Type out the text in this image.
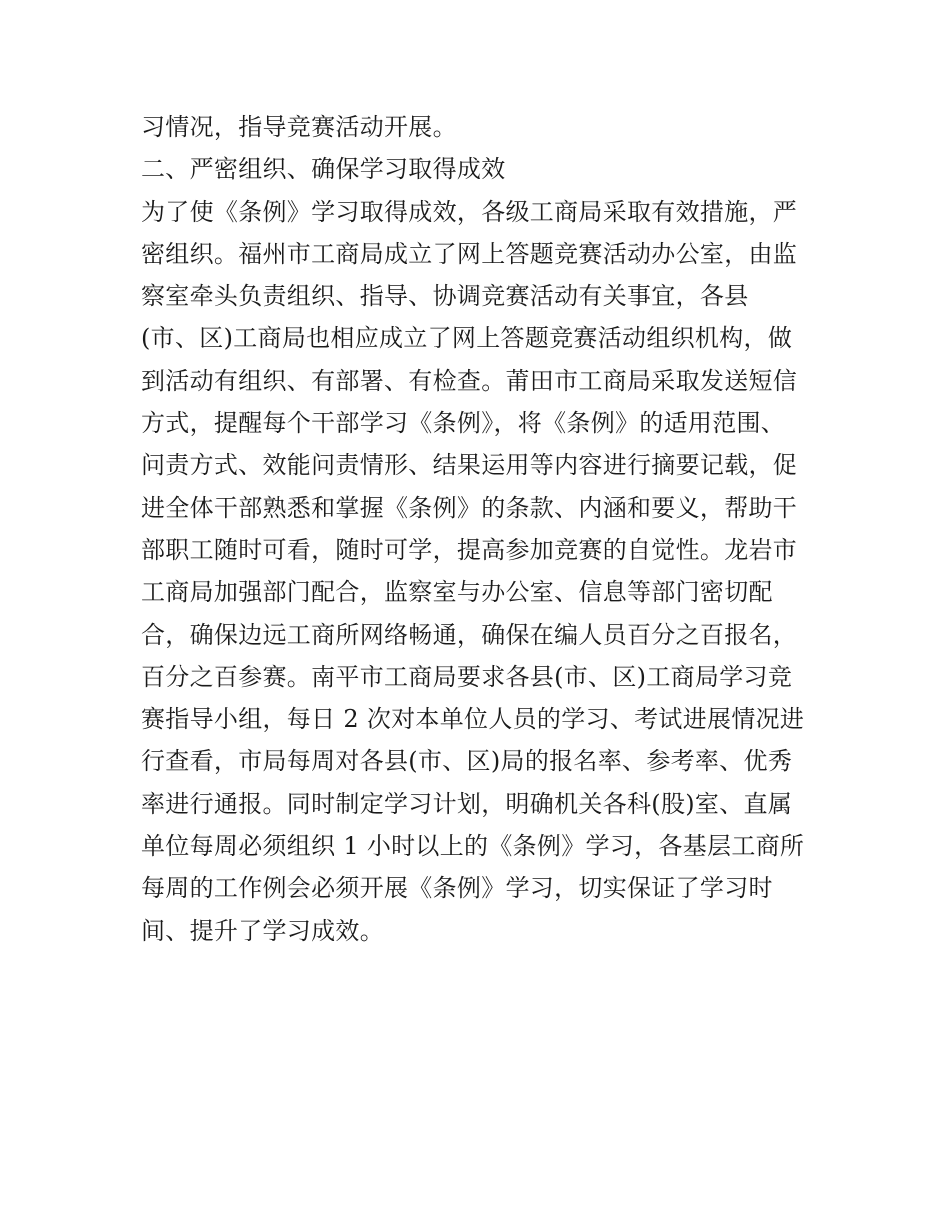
习情况，指导竞赛活动开展。
二、严密组织、确保学习取得成效
为了使《条例》学习取得成效，各级工商局采取有效措施，严
密组织。福州市工商局成立了网上答题竞赛活动办公室，由监
察室牵头负责组织、指导、协调竞赛活动有关事宜，各县
(市、区)工商局也相应成立了网上答题竞赛活动组织机构，做
到活动有组织、有部署、有检查。莆田市工商局采取发送短信
方式，提醒每个干部学习《条例》，将《条例》的适用范围、
问责方式、效能问责情形、结果运用等内容进行摘要记载，促
进全体干部熟悉和掌握《条例》的条款、内涵和要义，帮助干
部职工随时可看，随时可学，提高参加竞赛的自觉性。龙岩市
工商局加强部门配合，监察室与办公室、信息等部门密切配
合，确保边远工商所网络畅通，确保在编人员百分之百报名，
百分之百参赛。南平市工商局要求各县(市、区)工商局学习竞
赛指导小组，每日 2 次对本单位人员的学习、考试进展情况进
行查看，市局每周对各县(市、区)局的报名率、参考率、优秀
率进行通报。同时制定学习计划，明确机关各科(股)室、直属
单位每周必须组织 1 小时以上的《条例》学习，各基层工商所
每周的工作例会必须开展《条例》学习，切实保证了学习时
间、提升了学习成效。
